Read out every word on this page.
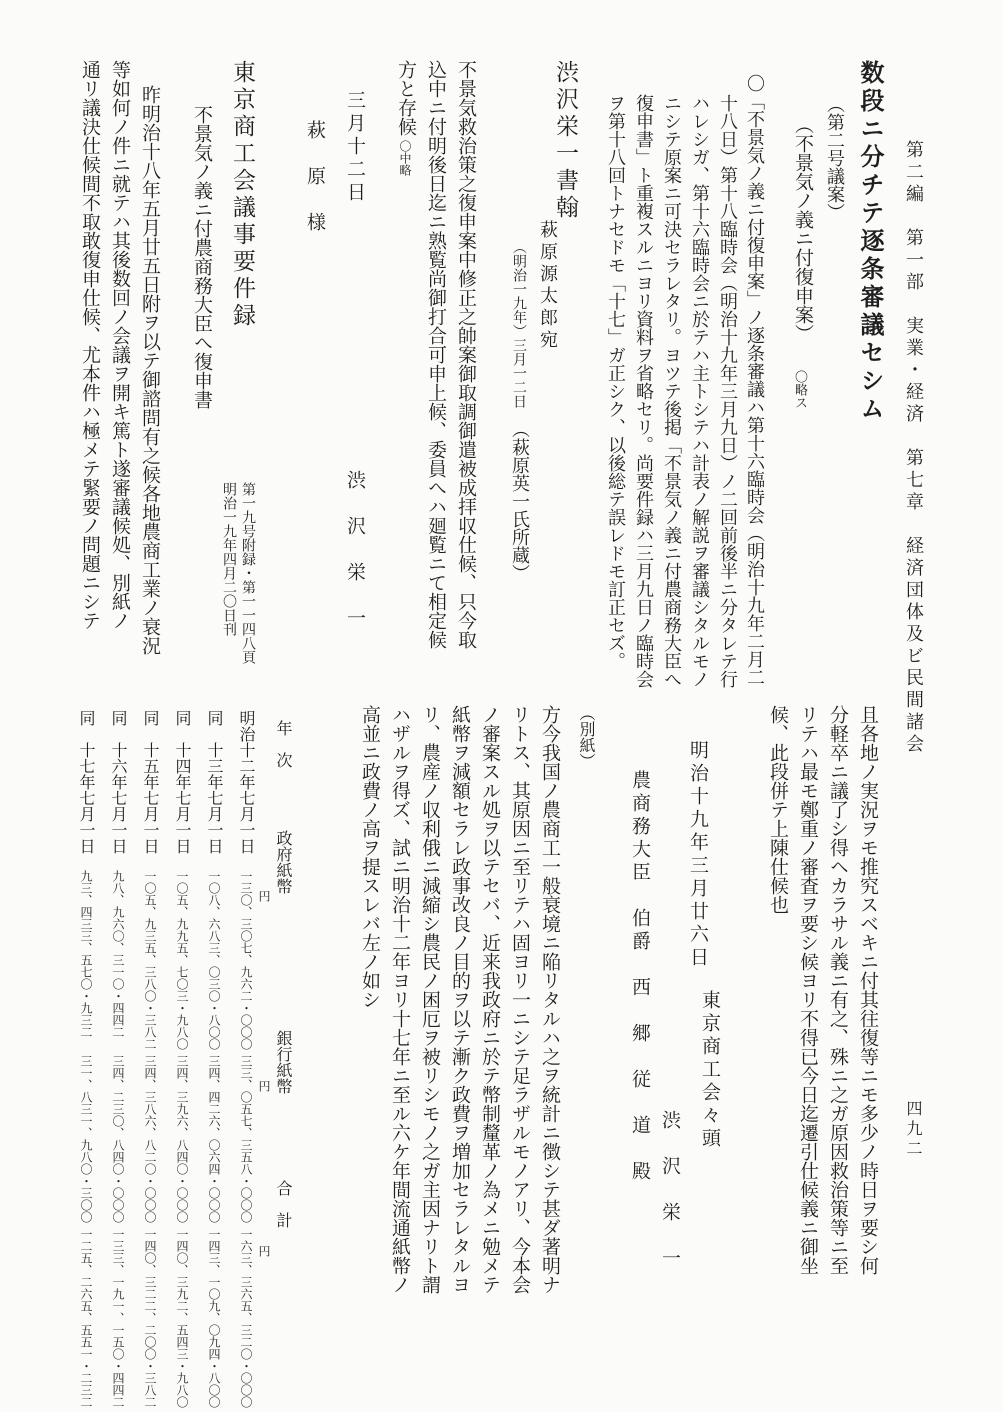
第二編　第一部　実業・経済　第七章　経済団体及ビ民間諸会
四九二
数段ニ分チテ逐条審議セシム
（第二号議案）
（不景気ノ義ニ付復申案）
〇略ス
〇「不景気ノ義ニ付復申案」ノ逐条審議ハ第十六臨時会（明治十九年二月二
十八日）第十八臨時会（明治十九年三月九日）ノ二回前後半ニ分タレテ行
ハレシガ、第十六臨時会ニ於テハ主トシテハ計表ノ解説ヲ審議シタルモノ
ニシテ原案ニ可決セラレタリ。ヨツテ後掲「不景気ノ義ニ付農商務大臣へ
復申書」ト重複スルニヨリ資料ヲ省略セリ。尚要件録ハ三月九日ノ臨時会
ヲ第十八回トナセドモ「十七」ガ正シク、以後総テ誤レドモ訂正セズ。
渋沢栄一書翰
萩原源太郎宛
（明治一九年）三月一二日
（萩原英一氏所蔵）
不景気救治策之復申案中修正之帥案御取調御遣被成拝収仕候、只今取
込中ニ付明後日迄ニ熟覧尚御打合可申上候、委員へハ廻覧ニて相定候
方と存候
〇中略
三月十二日
渋　沢　栄　一
萩　原　様
東京商工会議事要件録
第一九号附録・第一一四八頁
明治一九年四月二〇日刊
不景気ノ義ニ付農商務大臣へ復申書
昨明治十八年五月廿五日附ヲ以テ御諮問有之候各地農商工業ノ衰況
等如何ノ件ニ就テハ其後数回ノ会議ヲ開キ篤ト遂審議候処、別紙ノ
通リ議決仕候間不取敢復申仕候、尤本件ハ極メテ緊要ノ問題ニシテ
且各地ノ実況ヲモ推究スベキニ付其往復等ニモ多少ノ時日ヲ要シ何
分軽卒ニ議了シ得ヘカラサル義ニ有之、殊ニ之ガ原因救治策等ニ至
リテハ最モ鄭重ノ審査ヲ要シ候ヨリ不得已今日迄遷引仕候義ニ御坐
候、此段併テ上陳仕候也
明治十九年三月廿六日
東京商工会々頭
渋　沢　栄　一
農商務大臣　伯爵　西　郷　従　道　殿
（別紙）
方今我国ノ農商工一般衰境ニ陥リタルハ之ヲ統計ニ徴シテ甚ダ著明ナ
リトス、其原因ニ至リテハ固ヨリ一ニシテ足ラザルモノアリ、今本会
ノ審案スル処ヲ以テセバ、近来我政府ニ於テ幣制釐革ノ為メニ勉メテ
紙幣ヲ減額セラレ政事改良ノ目的ヲ以テ漸ク政費ヲ増加セラレタルヨ
リ、農産ノ収利俄ニ減縮シ農民ノ困厄ヲ被リシモノ之ガ主因ナリト謂
ハザルヲ得ズ、試ニ明治十二年ヨリ十七年ニ至ル六ケ年間流通紙幣ノ
高並ニ政費ノ高ヲ提スレバ左ノ如シ
年　次
政府紙幣
銀行紙幣
合　計
円
円
円
明治十二年七月一日
一三〇、三〇七、九六二・〇〇〇
三三、〇五七、三五八・〇〇〇
一六三、三六五、三二〇・〇〇〇
同　十三年七月一日
一〇八、六八三、〇三〇・八〇〇
三四、四二六、〇六四・〇〇〇
一四三、一〇九、〇九四・八〇〇
同　十四年七月一日
一〇五、九九五、七〇三・九八〇
三四、三九六、八四〇・〇〇〇
一四〇、三九二、五四三・九八〇
同　十五年七月一日
一〇五、九三五、三八〇・三八二
三四、三八六、八二〇・〇〇〇
一四〇、三二二、二〇〇・三八二
同　十六年七月一日
九八、九六〇、三一〇・四四二
三四、二三〇、八四〇・〇〇〇
一三三、一九一、一五〇・四四二
同　十七年七月一日
九三、四三三、五七〇・九三二
三一、八三一、九八〇・三〇〇
一二五、二六五、五五一・二三二
